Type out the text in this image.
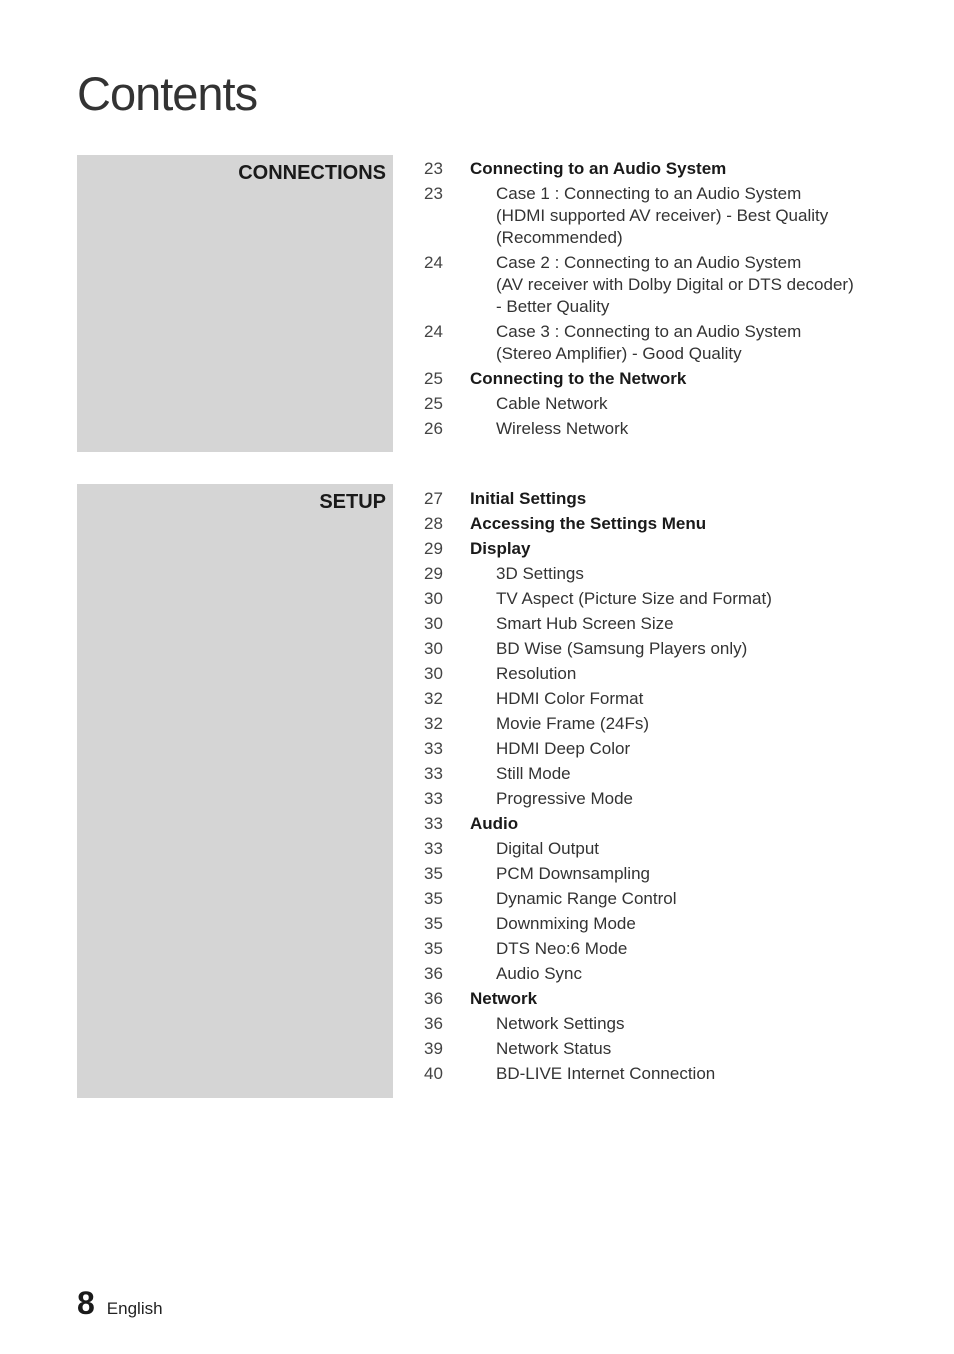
Contents
CONNECTIONS	23	Connecting to an Audio System
23	Case 1 : Connecting to an Audio System
(HDMI supported AV receiver) - Best Quality
(Recommended)
24	Case 2 : Connecting to an Audio System
(AV receiver with Dolby Digital or DTS decoder)
- Better Quality
24	Case 3 : Connecting to an Audio System
(Stereo Amplifier) - Good Quality
25	Connecting to the Network
25	Cable Network
26	Wireless Network
SETUP	27	Initial Settings
28	Accessing the Settings Menu
29	Display
29	3D Settings
30	TV Aspect (Picture Size and Format)
30	Smart Hub Screen Size
30	BD Wise (Samsung Players only)
30	Resolution
32	HDMI Color Format
32	Movie Frame (24Fs)
33	HDMI Deep Color
33	Still Mode
33	Progressive Mode
33	Audio
33	Digital Output
35	PCM Downsampling
35	Dynamic Range Control
35	Downmixing Mode
35	DTS Neo:6 Mode
36	Audio Sync
36	Network
36	Network Settings
39	Network Status
40	BD-LIVE Internet Connection
8 English
